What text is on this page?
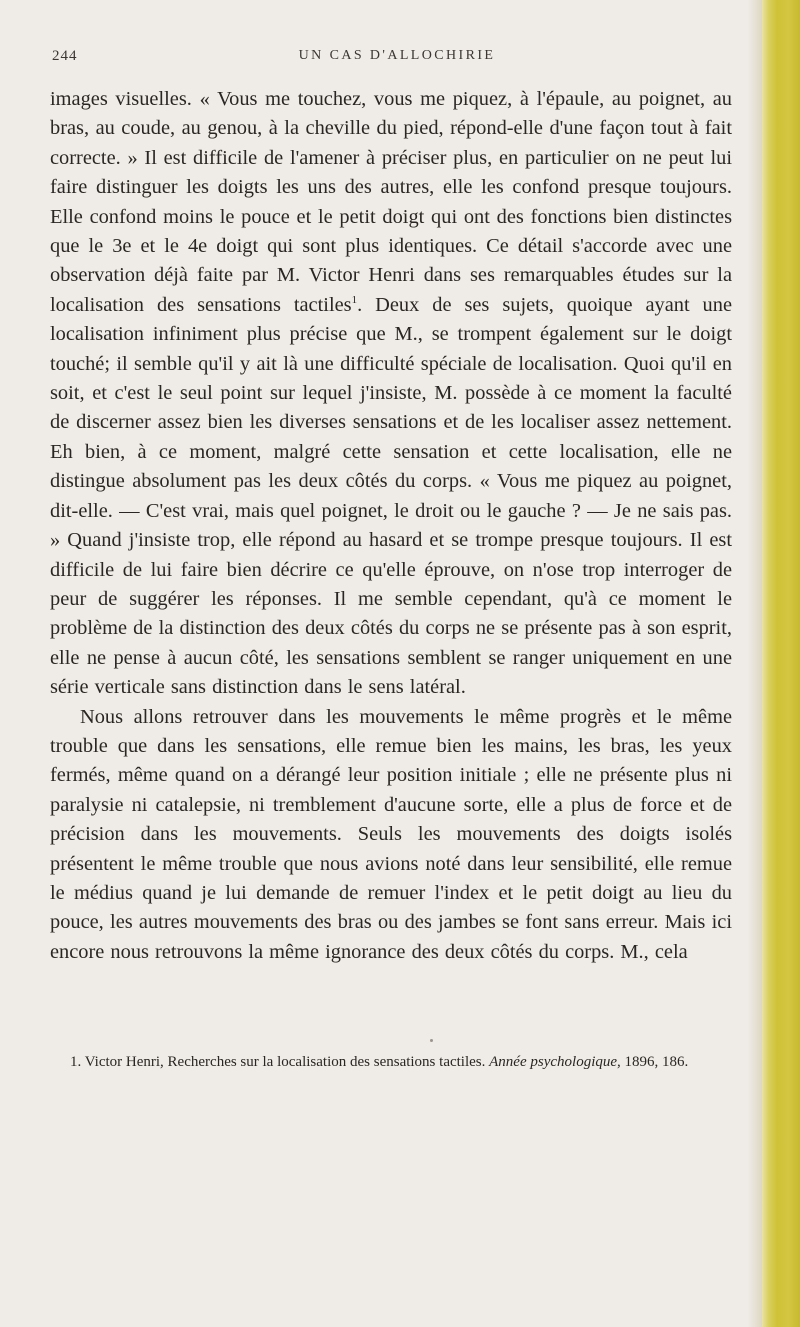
244	UN CAS D'ALLOCHIRIE

images visuelles. « Vous me touchez, vous me piquez, à l'épaule, au poignet, au bras, au coude, au genou, à la cheville du pied, répond-elle d'une façon tout à fait correcte. » Il est difficile de l'amener à préciser plus, en particulier on ne peut lui faire distinguer les doigts les uns des autres, elle les confond presque toujours. Elle confond moins le pouce et le petit doigt qui ont des fonctions bien distinctes que le 3e et le 4e doigt qui sont plus identiques. Ce détail s'accorde avec une observation déjà faite par M. Victor Henri dans ses remarquables études sur la localisation des sensations tactiles$^1$. Deux de ses sujets, quoique ayant une localisation infiniment plus précise que M., se trompent également sur le doigt touché; il semble qu'il y ait là une difficulté spéciale de localisation. Quoi qu'il en soit, et c'est le seul point sur lequel j'insiste, M. possède à ce moment la faculté de discerner assez bien les diverses sensations et de les localiser assez nettement. Eh bien, à ce moment, malgré cette sensation et cette localisation, elle ne distingue absolument pas les deux côtés du corps. « Vous me piquez au poignet, dit-elle. — C'est vrai, mais quel poignet, le droit ou le gauche ? — Je ne sais pas. » Quand j'insiste trop, elle répond au hasard et se trompe presque toujours. Il est difficile de lui faire bien décrire ce qu'elle éprouve, on n'ose trop interroger de peur de suggérer les réponses. Il me semble cependant, qu'à ce moment le problème de la distinction des deux côtés du corps ne se présente pas à son esprit, elle ne pense à aucun côté, les sensations semblent se ranger uniquement en une série verticale sans distinction dans le sens latéral.

Nous allons retrouver dans les mouvements le même progrès et le même trouble que dans les sensations, elle remue bien les mains, les bras, les yeux fermés, même quand on a dérangé leur position initiale ; elle ne présente plus ni paralysie ni catalepsie, ni tremblement d'aucune sorte, elle a plus de force et de précision dans les mouvements. Seuls les mouvements des doigts isolés présentent le même trouble que nous avions noté dans leur sensibilité, elle remue le médius quand je lui demande de remuer l'index et le petit doigt au lieu du pouce, les autres mouvements des bras ou des jambes se font sans erreur. Mais ici encore nous retrouvons la même ignorance des deux côtés du corps. M., cela

1. Victor Henri, Recherches sur la localisation des sensations tactiles. Année psychologique, 1896, 186.
